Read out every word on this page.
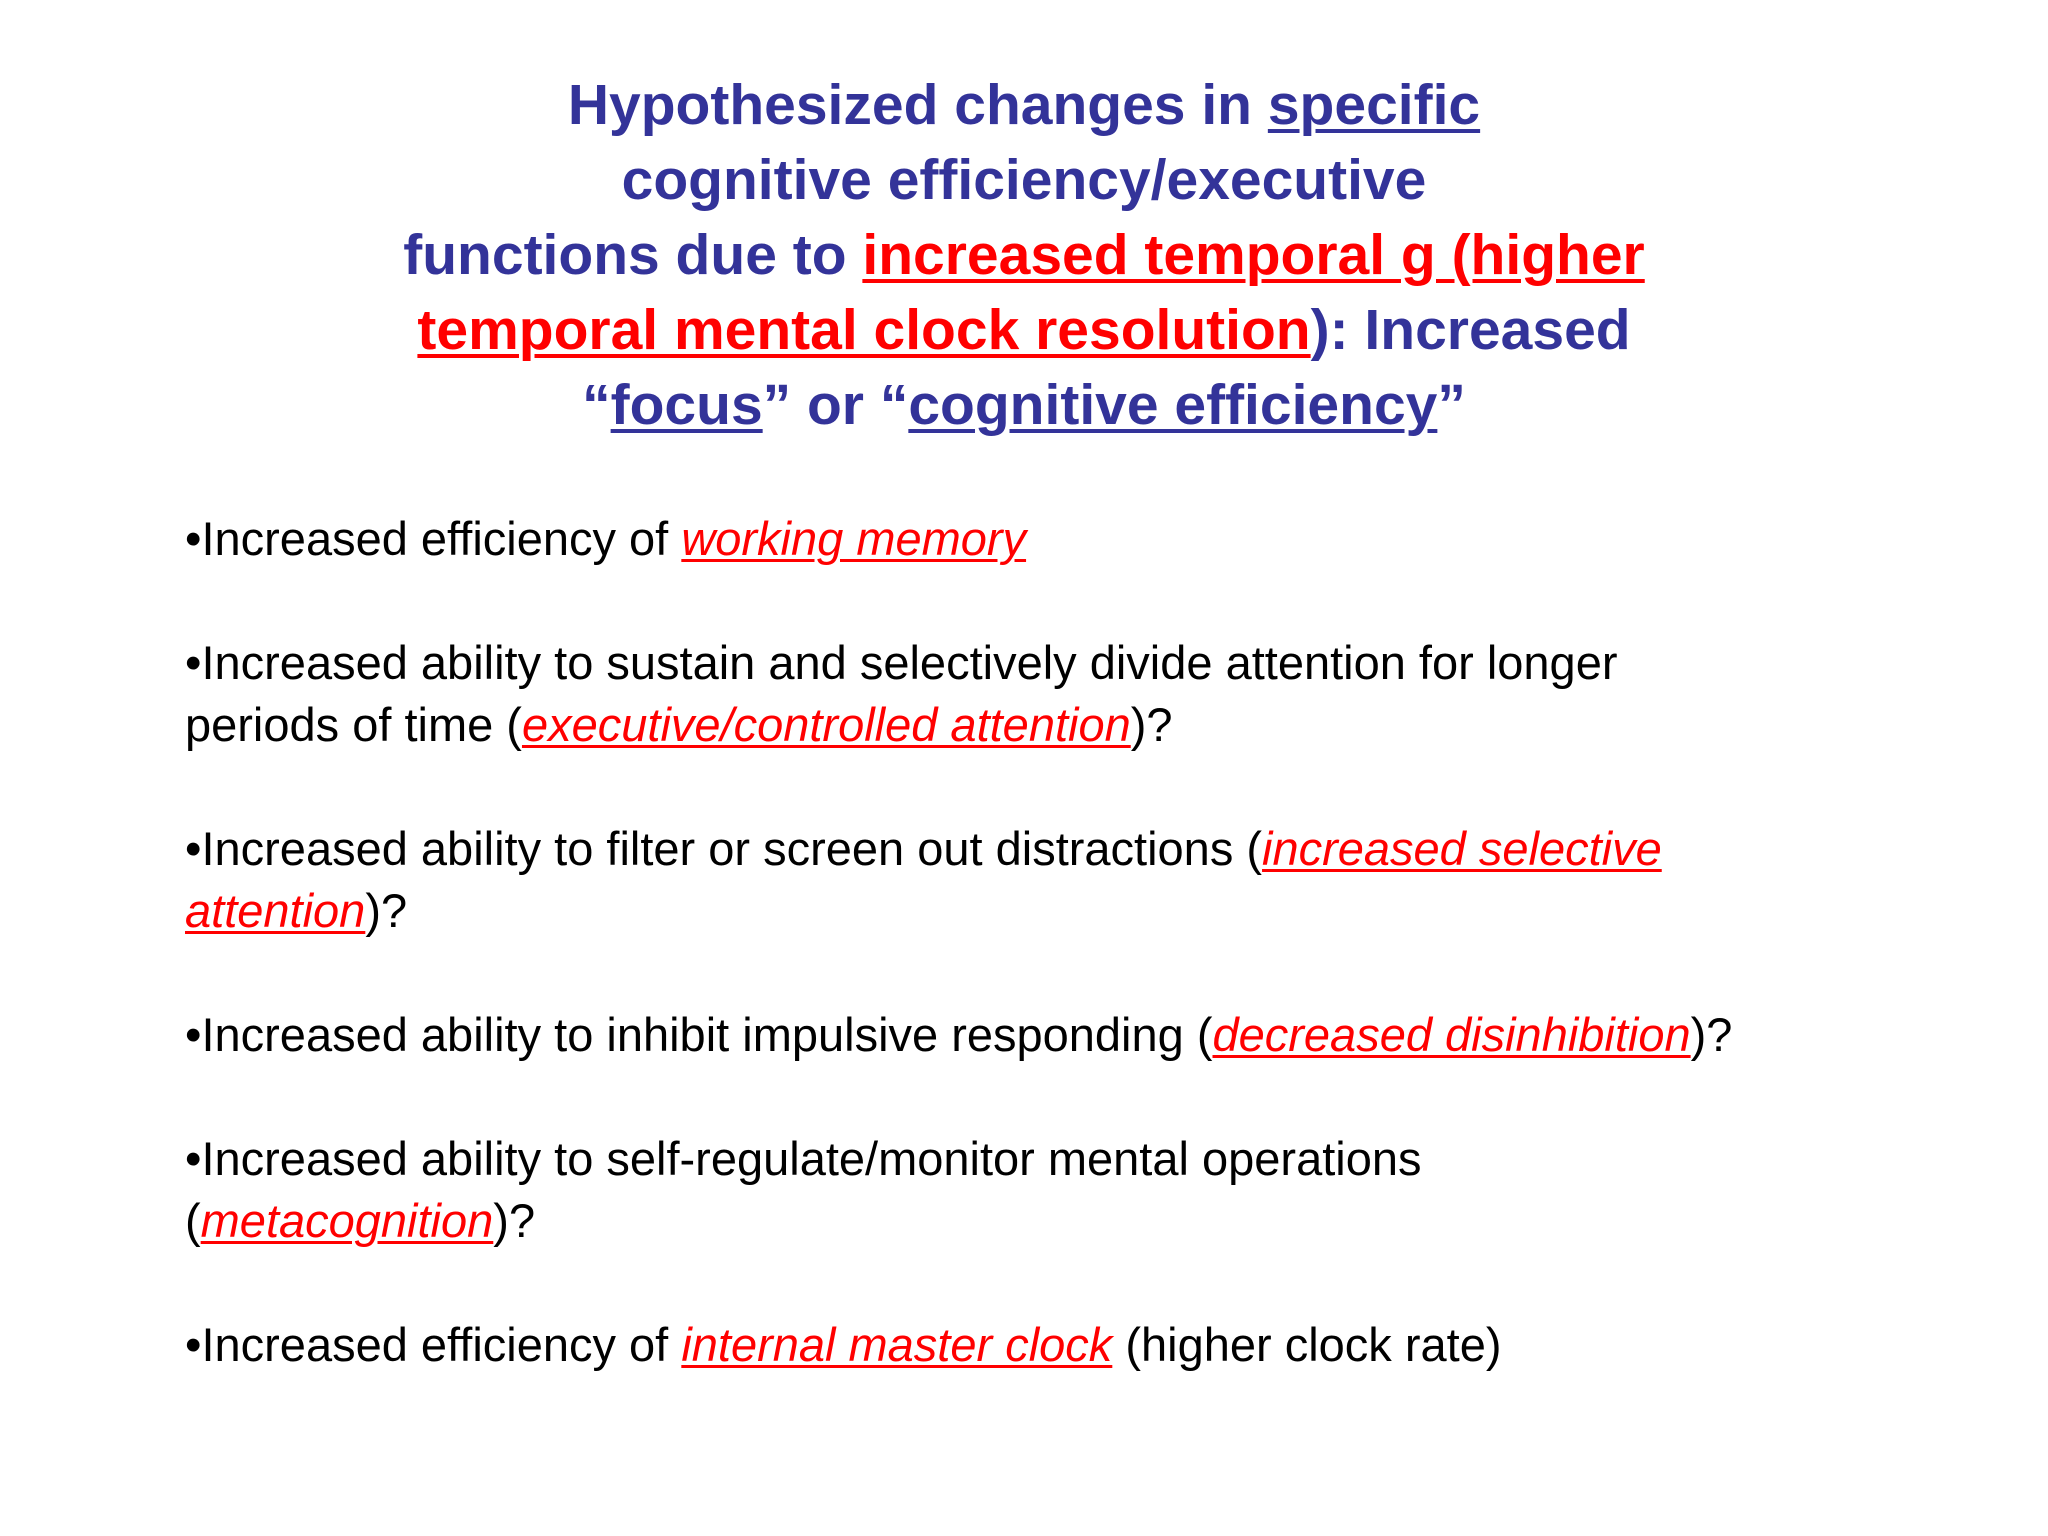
Hypothesized changes in specific
cognitive efficiency/executive
functions due to increased temporal g (higher
temporal mental clock resolution): Increased
“focus” or “cognitive efficiency”
•Increased efficiency of working memory
•Increased ability to sustain and selectively divide attention for longer
periods of time (executive/controlled attention)?
•Increased ability to filter or screen out distractions (increased selective
attention)?
•Increased ability to inhibit impulsive responding (decreased disinhibition)?
•Increased ability to self-regulate/monitor mental operations
(metacognition)?
•Increased efficiency of internal master clock (higher clock rate)
